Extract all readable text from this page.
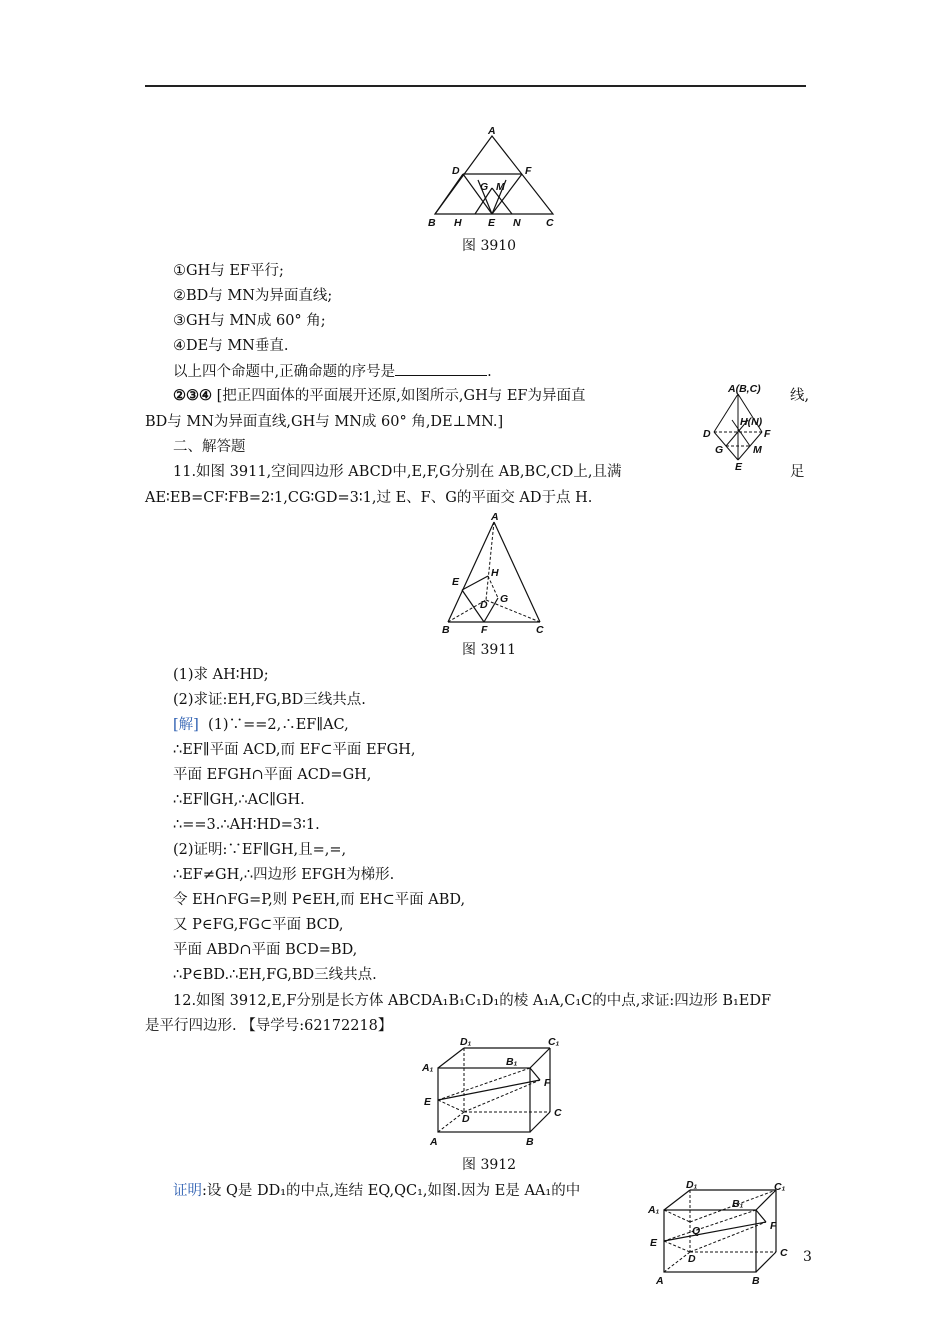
A
D	F
G M
B H	E N C
图 3910
①GH与 EF平行;
②BD与 MN为异面直线;
③GH与 MN成 60° 角;
④DE与 MN垂直.
以上四个命题中,正确命题的序号是	.
②③④ [把正四面体的平面展开还原,如图所示,GH与 EF为异面直	线,
BD与 MN为异面直线,GH与 MN成 60° 角,DE⊥MN.]
A(B,C)
H(N)
D	F
G	M
E
二、解答题
11.如图 3911,空间四边形 ABCD中,E,F,G分别在 AB,BC,CD上,且满	足
AE∶EB=CF∶FB=2∶1,CG∶GD=3∶1,过 E、F、G的平面交 AD于点 H.
A
E
H
D G
B	F	C
图 3911
(1)求 AH∶HD;
(2)求证:EH,FG,BD三线共点.
[解] (1)∵==2,∴EF∥AC,
∴EF∥平面 ACD,而 EF⊂平面 EFGH,
平面 EFGH∩平面 ACD=GH,
∴EF∥GH,∴AC∥GH.
∴==3.∴AH∶HD=3∶1.
(2)证明:∵EF∥GH,且=,=,
∴EF≠GH,∴四边形 EFGH为梯形.
令 EH∩FG=P,则 P∈EH,而 EH⊂平面 ABD,
又 P∈FG,FG⊂平面 BCD,
平面 ABD∩平面 BCD=BD,
∴P∈BD.∴EH,FG,BD三线共点.
12.如图 3912,E,F分别是长方体 ABCDA₁B₁C₁D₁的棱 A₁A,C₁C的中点,求证:四边形 B₁EDF
是平行四边形. 【导学号:62172218】
D₁	C₁
A₁	B₁
F
E
C
D
A	B
图 3912
证明:设 Q是 DD₁的中点,连结 EQ,QC₁,如图.因为 E是 AA₁的中	D₁	C₁
A₁	B₁
Q	F
E
C
D
A	B
3
